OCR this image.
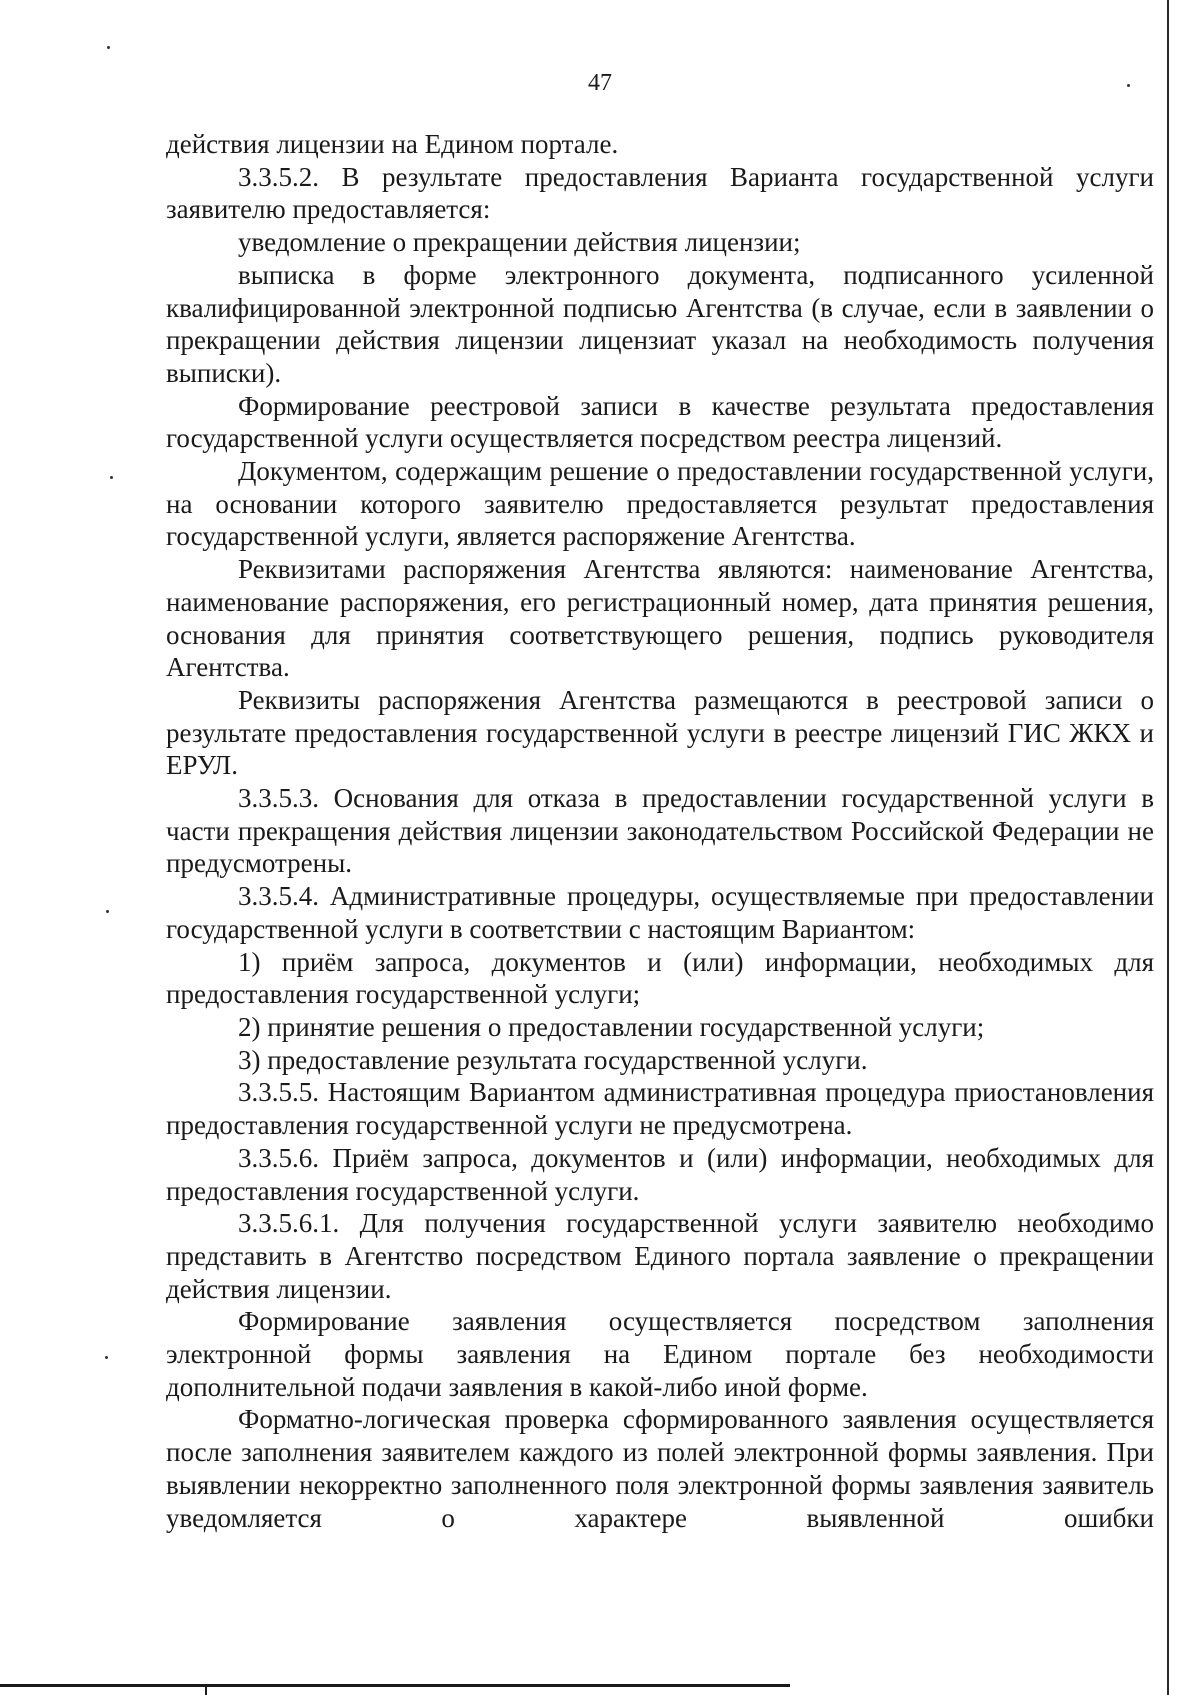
47

действия лицензии на Едином портале.

3.3.5.2. В результате предоставления Варианта государственной услуги заявителю предоставляется:

уведомление о прекращении действия лицензии;

выписка в форме электронного документа, подписанного усиленной квалифицированной электронной подписью Агентства (в случае, если в заявлении о прекращении действия лицензии лицензиат указал на необходимость получения выписки).

Формирование реестровой записи в качестве результата предоставления государственной услуги осуществляется посредством реестра лицензий.

Документом, содержащим решение о предоставлении государственной услуги, на основании которого заявителю предоставляется результат предоставления государственной услуги, является распоряжение Агентства.

Реквизитами распоряжения Агентства являются: наименование Агентства, наименование распоряжения, его регистрационный номер, дата принятия решения, основания для принятия соответствующего решения, подпись руководителя Агентства.

Реквизиты распоряжения Агентства размещаются в реестровой записи о результате предоставления государственной услуги в реестре лицензий ГИС ЖКХ и ЕРУЛ.

3.3.5.3. Основания для отказа в предоставлении государственной услуги в части прекращения действия лицензии законодательством Российской Федерации не предусмотрены.

3.3.5.4. Административные процедуры, осуществляемые при предоставлении государственной услуги в соответствии с настоящим Вариантом:

1) приём запроса, документов и (или) информации, необходимых для предоставления государственной услуги;

2) принятие решения о предоставлении государственной услуги;

3) предоставление результата государственной услуги.

3.3.5.5. Настоящим Вариантом административная процедура приостановления предоставления государственной услуги не предусмотрена.

3.3.5.6. Приём запроса, документов и (или) информации, необходимых для предоставления государственной услуги.

3.3.5.6.1. Для получения государственной услуги заявителю необходимо представить в Агентство посредством Единого портала заявление о прекращении действия лицензии.

Формирование заявления осуществляется посредством заполнения электронной формы заявления на Едином портале без необходимости дополнительной подачи заявления в какой-либо иной форме.

Форматно-логическая проверка сформированного заявления осуществляется после заполнения заявителем каждого из полей электронной формы заявления. При выявлении некорректно заполненного поля электронной формы заявления заявитель уведомляется о характере выявленной ошибки
